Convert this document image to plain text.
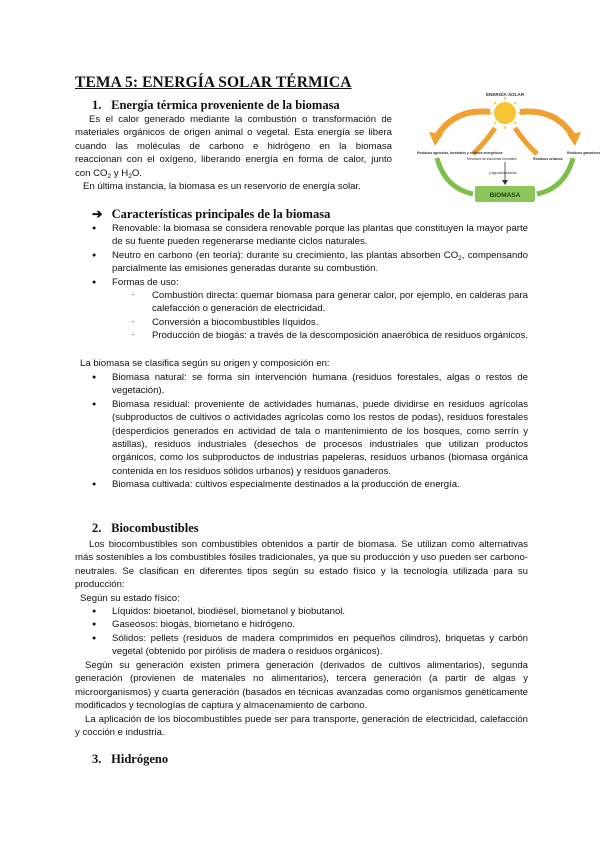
TEMA 5: ENERGÍA SOLAR TÉRMICA
1. Energía térmica proveniente de la biomasa
Es el calor generado mediante la combustión o transformación de
materiales orgánicos de origen animal o vegetal. Esta energía se libera
cuando las moléculas de carbono e hidrógeno en la biomasa
reaccionan con el oxígeno, liberando energía en forma de calor, junto
con $CO_2$ y $H_2O$.
En última instancia, la biomasa es un reservorio de energía solar.
ENERGÍA SOLAR
Residuos agrícolas, forestales y cultivos energéticos
Residuos de industrias forestales
y agroalimentarias
Residuos urbanos
Residuos ganaderos
BIOMASA
➔ Características principales de la biomasa
● Renovable: la biomasa se considera renovable porque las plantas que constituyen la mayor parte de su fuente pueden regenerarse mediante ciclos naturales.
● Neutro en carbono (en teoría): durante su crecimiento, las plantas absorben $CO_2$, compensando parcialmente las emisiones generadas durante su combustión.
● Formas de uso:
- Combustión directa: quemar biomasa para generar calor, por ejemplo, en calderas para calefacción o generación de electricidad.
- Conversión a biocombustibles líquidos.
- Producción de biogás: a través de la descomposición anaeróbica de residuos orgánicos.
La biomasa se clasifica según su origen y composición en:
● Biomasa natural: se forma sin intervención humana (residuos forestales, algas o restos de vegetación).
● Biomasa residual: proveniente de actividades humanas, puede dividirse en residuos agrícolas (subproductos de cultivos o actividades agrícolas como los restos de podas), residuos forestales (desperdicios generados en actividad de tala o mantenimiento de los bosques, como serrín y astillas), residuos industriales (desechos de procesos industriales que utilizan productos orgánicos, como los subproductos de industrias papeleras, residuos urbanos (biomasa orgánica contenida en los residuos sólidos urbanos) y residuos ganaderos.
● Biomasa cultivada: cultivos especialmente destinados a la producción de energía.
2. Biocombustibles
Los biocombustibles son combustibles obtenidos a partir de biomasa. Se utilizan como alternativas más sostenibles a los combustibles fósiles tradicionales, ya que su producción y uso pueden ser carbono-neutrales. Se clasifican en diferentes tipos según su estado físico y la tecnología utilizada para su producción:
Según su estado físico:
● Líquidos: bioetanol, biodiésel, biometanol y biobutanol.
● Gaseosos: biogás, biometano e hidrógeno.
● Sólidos: pellets (residuos de madera comprimidos en pequeños cilindros), briquetas y carbón vegetal (obtenido por pirólisis de madera o residuos orgánicos).
Según su generación existen primera generación (derivados de cultivos alimentarios), segunda generación (provienen de materiales no alimentarios), tercera generación (a partir de algas y microorganismos) y cuarta generación (basados en técnicas avanzadas como organismos genéticamente modificados y tecnologías de captura y almacenamiento de carbono.
La aplicación de los biocombustibles puede ser para transporte, generación de electricidad, calefacción y cocción e industria.
3. Hidrógeno
